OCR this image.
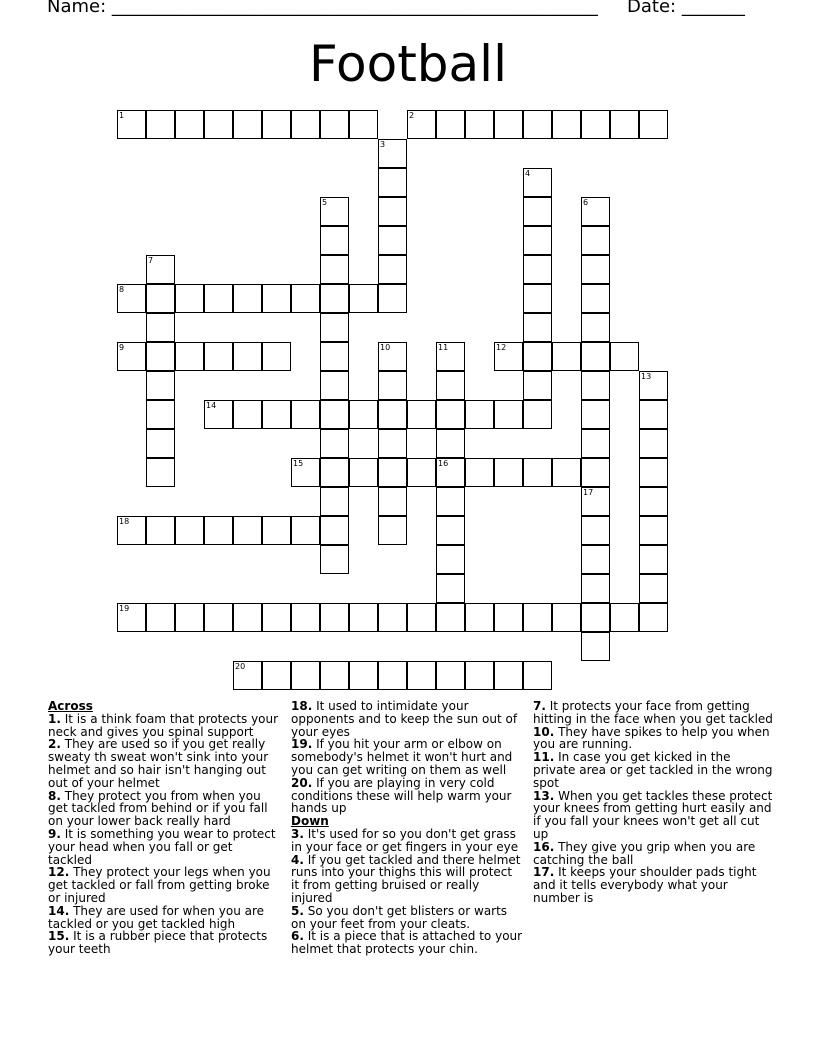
Name: ______________________________________________________ Date: _______
Football
1	2
3
4
5	6
17
7
8
9	10	11
16
12
13
14
15
18
19
20
Across
1. It is a think foam that protects your neck and gives you spinal support
2. They are used so if you get really sweaty th sweat won't sink into your helmet and so hair isn't hanging out out of your helmet
8. They protect you from when you get tackled from behind or if you fall on your lower back really hard
9. It is something you wear to protect your head when you fall or get tackled
12. They protect your legs when you get tackled or fall from getting broke or injured
14. They are used for when you are tackled or you get tackled high
15. It is a rubber piece that protects your teeth
18. It used to intimidate your opponents and to keep the sun out of your eyes
19. If you hit your arm or elbow on somebody's helmet it won't hurt and you can get writing on them as well
20. If you are playing in very cold conditions these will help warm your hands up
Down
3. It's used for so you don't get grass in your face or get fingers in your eye
4. If you get tackled and there helmet runs into your thighs this will protect it from getting bruised or really injured
5. So you don't get blisters or warts on your feet from your cleats.
6. It is a piece that is attached to your helmet that protects your chin.
7. It protects your face from getting hitting in the face when you get tackled
10. They have spikes to help you when you are running.
11. In case you get kicked in the private area or get tackled in the wrong spot
13. When you get tackles these protect your knees from getting hurt easily and if you fall your knees won't get all cut up
16. They give you grip when you are catching the ball
17. It keeps your shoulder pads tight and it tells everybody what your number is
